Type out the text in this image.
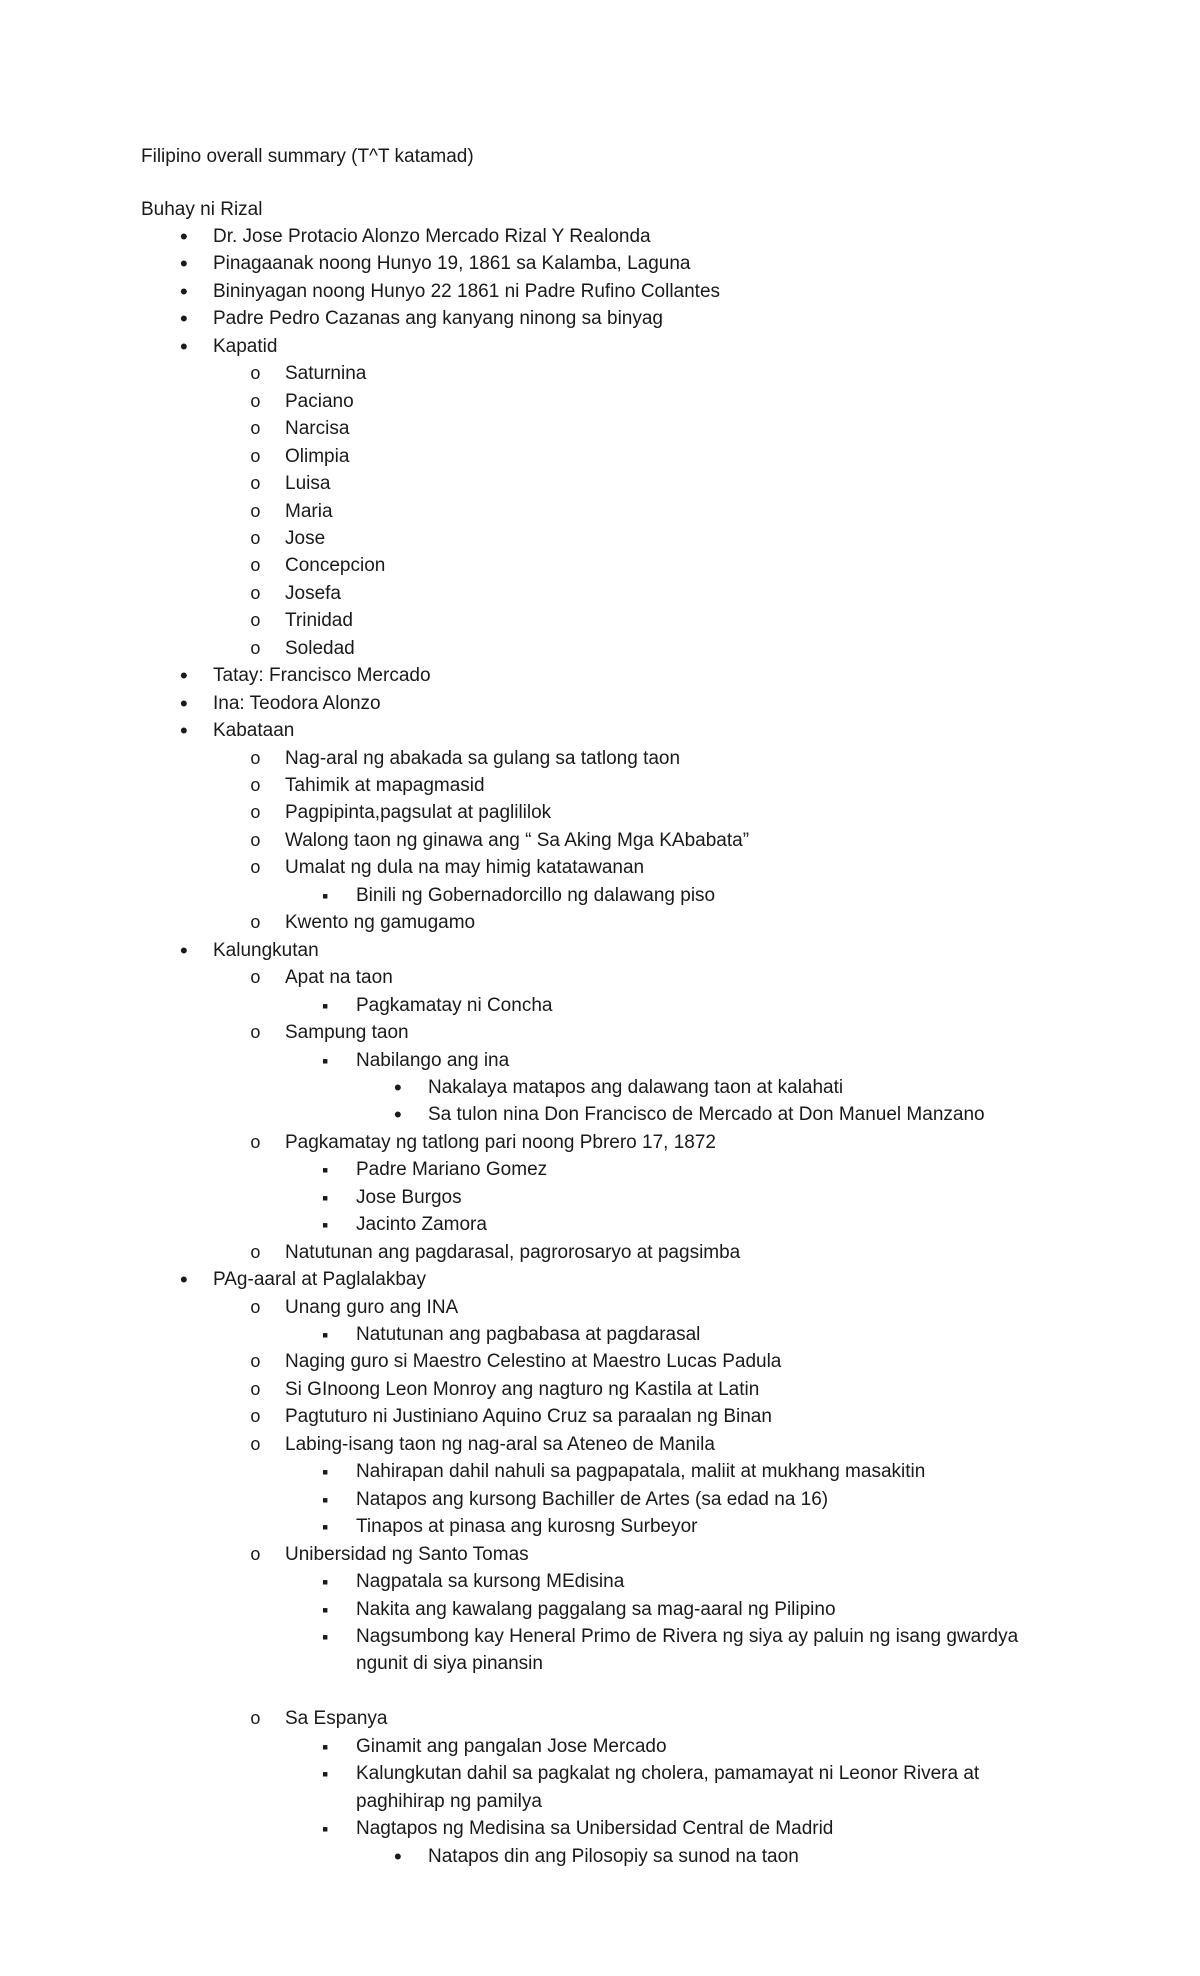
Filipino overall summary (T^T katamad)
Buhay ni Rizal
Dr. Jose Protacio Alonzo Mercado Rizal Y Realonda
•
Pinagaanak noong Hunyo 19, 1861 sa Kalamba, Laguna
•
Bininyagan noong Hunyo 22 1861 ni Padre Rufino Collantes
•
Padre Pedro Cazanas ang kanyang ninong sa binyag
•
Kapatid
•
Saturnina
o
Paciano
o
Narcisa
o
Olimpia
o
Luisa
o
Maria
o
Jose
o
Concepcion
o
Josefa
o
Trinidad
o
Soledad
o
Tatay: Francisco Mercado
•
Ina: Teodora Alonzo
•
Kabataan
•
Nag-aral ng abakada sa gulang sa tatlong taon
o
Tahimik at mapagmasid
o
Pagpipinta,pagsulat at paglililok
o
Walong taon ng ginawa ang “ Sa Aking Mga KAbabata”
o
Umalat ng dula na may himig katatawanan
o
Binili ng Gobernadorcillo ng dalawang piso
▪
Kwento ng gamugamo
o
Kalungkutan
•
Apat na taon
o
Pagkamatay ni Concha
▪
Sampung taon
o
Nabilango ang ina
▪
Nakalaya matapos ang dalawang taon at kalahati
•
Sa tulon nina Don Francisco de Mercado at Don Manuel Manzano
•
Pagkamatay ng tatlong pari noong Pbrero 17, 1872
o
Padre Mariano Gomez
▪
Jose Burgos
▪
Jacinto Zamora
▪
Natutunan ang pagdarasal, pagrorosaryo at pagsimba
o
PAg-aaral at Paglalakbay
•
Unang guro ang INA
o
Natutunan ang pagbabasa at pagdarasal
▪
Naging guro si Maestro Celestino at Maestro Lucas Padula
o
Si GInoong Leon Monroy ang nagturo ng Kastila at Latin
o
Pagtuturo ni Justiniano Aquino Cruz sa paraalan ng Binan
o
Labing-isang taon ng nag-aral sa Ateneo de Manila
o
Nahirapan dahil nahuli sa pagpapatala, maliit at mukhang masakitin
▪
Natapos ang kursong Bachiller de Artes (sa edad na 16)
▪
Tinapos at pinasa ang kurosng Surbeyor
▪
Unibersidad ng Santo Tomas
o
Nagpatala sa kursong MEdisina
▪
Nakita ang kawalang paggalang sa mag-aaral ng Pilipino
▪
Nagsumbong kay Heneral Primo de Rivera ng siya ay paluin ng isang gwardya
▪
ngunit di siya pinansin
Sa Espanya
o
Ginamit ang pangalan Jose Mercado
▪
Kalungkutan dahil sa pagkalat ng cholera, pamamayat ni Leonor Rivera at
▪
paghihirap ng pamilya
Nagtapos ng Medisina sa Unibersidad Central de Madrid
▪
Natapos din ang Pilosopiy sa sunod na taon
•
